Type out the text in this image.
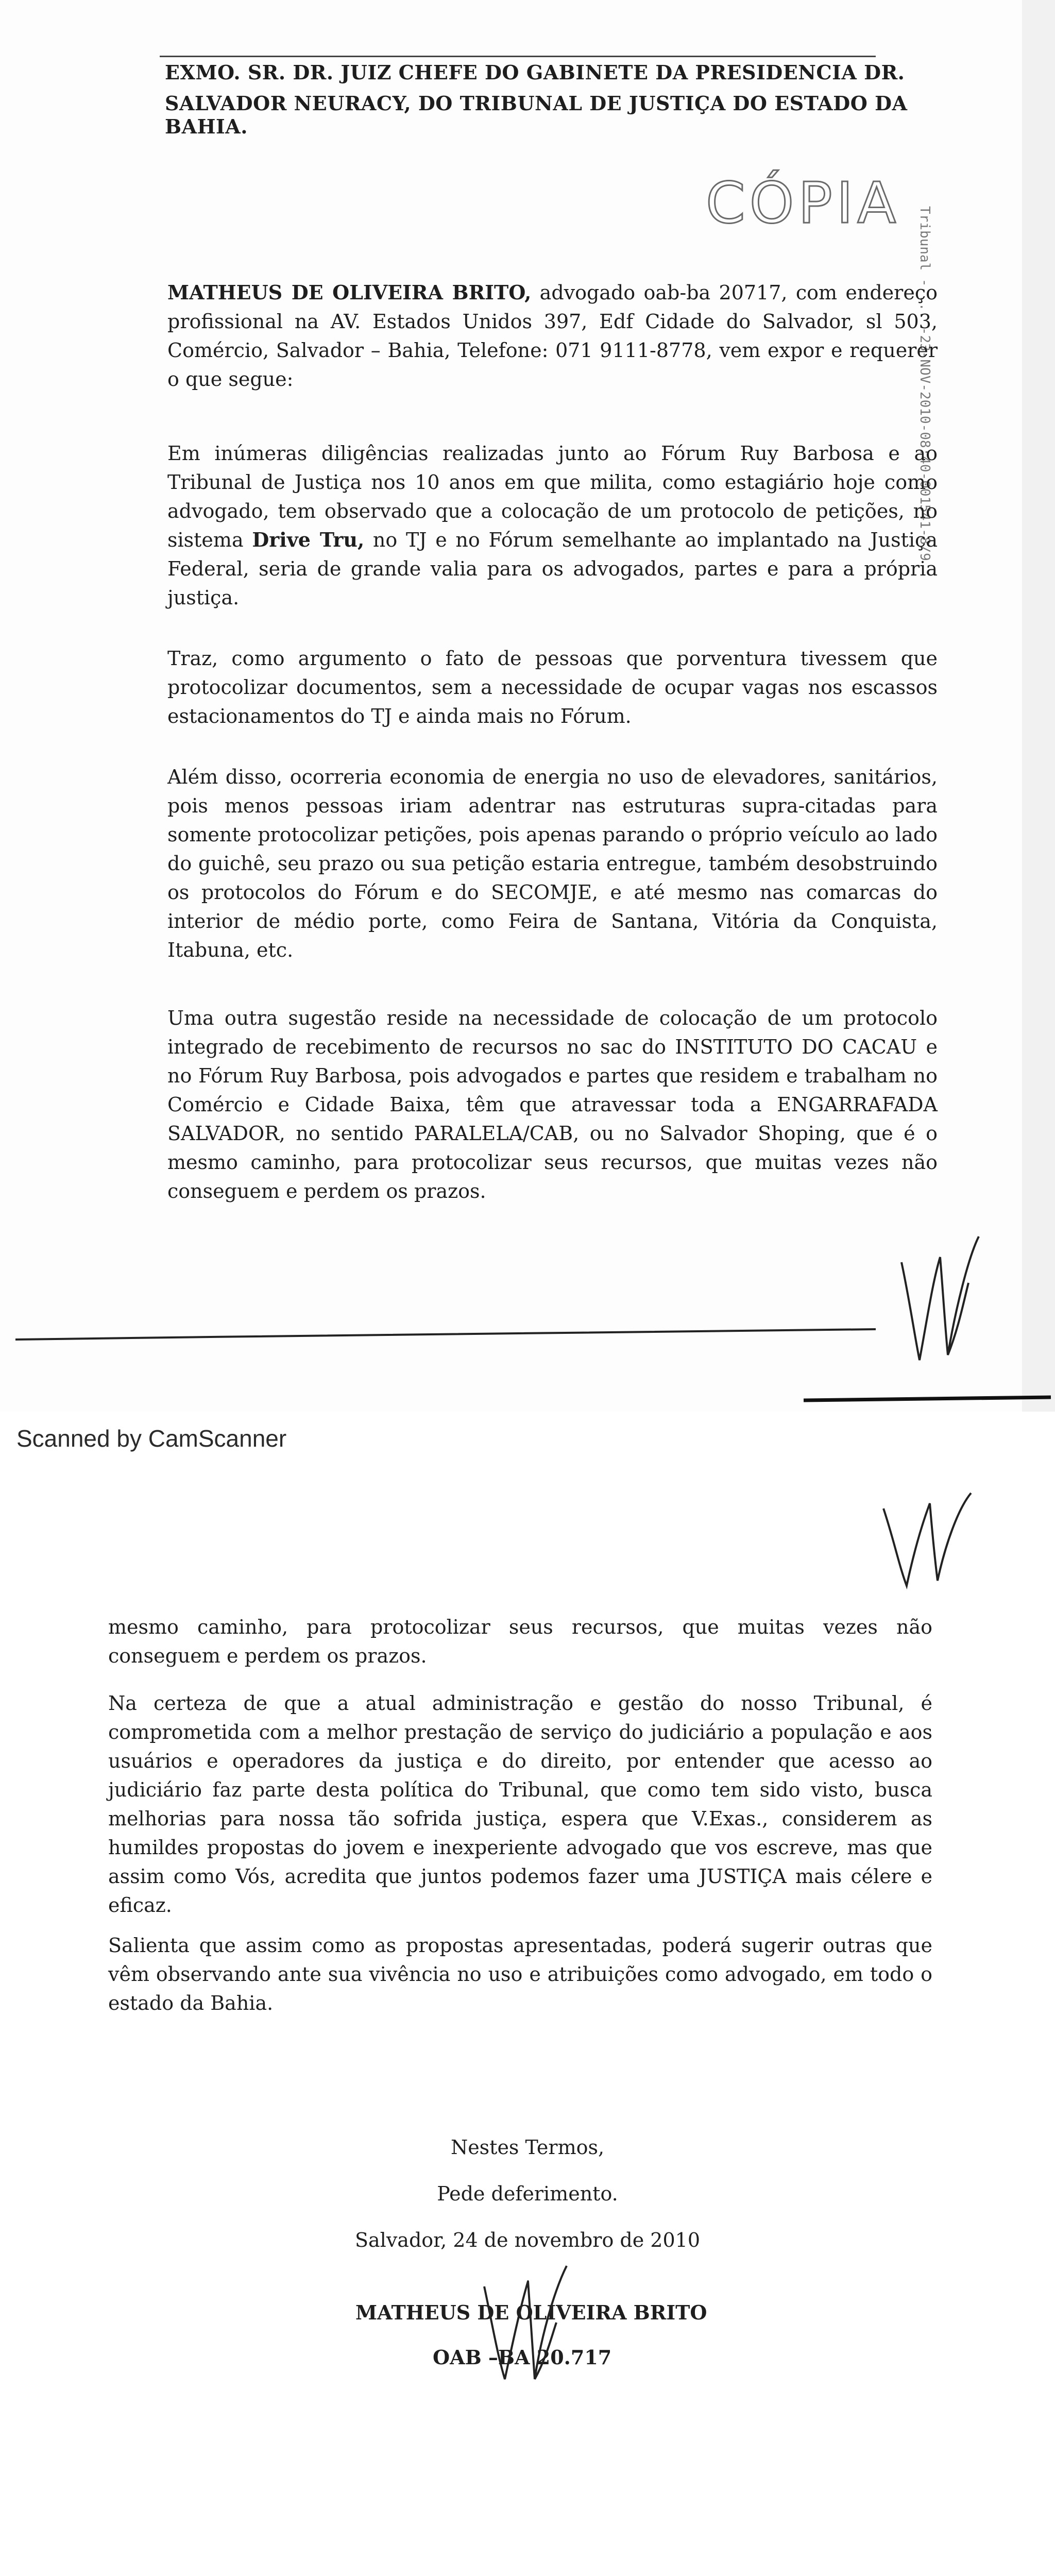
EXMO. SR. DR. JUIZ CHEFE DO GABINETE DA PRESIDENCIA DR.
SALVADOR NEURACY, DO TRIBUNAL DE JUSTIÇA DO ESTADO DA BAHIA.
CÓPIA
Tribunal - ... -23-NOV-2010-08:40-001541-8/9

MATHEUS DE OLIVEIRA BRITO, advogado oab-ba 20717, com endereço profissional na AV. Estados Unidos 397, Edf Cidade do Salvador, sl 503, Comércio, Salvador – Bahia, Telefone: 071 9111-8778, vem expor e requerer o que segue:

Em inúmeras diligências realizadas junto ao Fórum Ruy Barbosa e ao Tribunal de Justiça nos 10 anos em que milita, como estagiário hoje como advogado, tem observado que a colocação de um protocolo de petições, no sistema Drive Tru, no TJ e no Fórum semelhante ao implantado na Justiça Federal, seria de grande valia para os advogados, partes e para a própria justiça.

Traz, como argumento o fato de pessoas que porventura tivessem que protocolizar documentos, sem a necessidade de ocupar vagas nos escassos estacionamentos do TJ e ainda mais no Fórum.

Além disso, ocorreria economia de energia no uso de elevadores, sanitários, pois menos pessoas iriam adentrar nas estruturas supra-citadas para somente protocolizar petições, pois apenas parando o próprio veículo ao lado do guichê, seu prazo ou sua petição estaria entregue, também desobstruindo os protocolos do Fórum e do SECOMJE, e até mesmo nas comarcas do interior de médio porte, como Feira de Santana, Vitória da Conquista, Itabuna, etc.

Uma outra sugestão reside na necessidade de colocação de um protocolo integrado de recebimento de recursos no sac do INSTITUTO DO CACAU e no Fórum Ruy Barbosa, pois advogados e partes que residem e trabalham no Comércio e Cidade Baixa, têm que atravessar toda a ENGARRAFADA SALVADOR, no sentido PARALELA/CAB, ou no Salvador Shoping, que é o mesmo caminho, para protocolizar seus recursos, que muitas vezes não conseguem e perdem os prazos.

Scanned by CamScanner

mesmo caminho, para protocolizar seus recursos, que muitas vezes não conseguem e perdem os prazos.

Na certeza de que a atual administração e gestão do nosso Tribunal, é comprometida com a melhor prestação de serviço do judiciário a população e aos usuários e operadores da justiça e do direito, por entender que acesso ao judiciário faz parte desta política do Tribunal, que como tem sido visto, busca melhorias para nossa tão sofrida justiça, espera que V.Exas., considerem as humildes propostas do jovem e inexperiente advogado que vos escreve, mas que assim como Vós, acredita que juntos podemos fazer uma JUSTIÇA mais célere e eficaz.

Salienta que assim como as propostas apresentadas, poderá sugerir outras que vêm observando ante sua vivência no uso e atribuições como advogado, em todo o estado da Bahia.

Nestes Termos,
Pede deferimento.
Salvador, 24 de novembro de 2010
MATHEUS DE OLIVEIRA BRITO
OAB –BA 20.717
